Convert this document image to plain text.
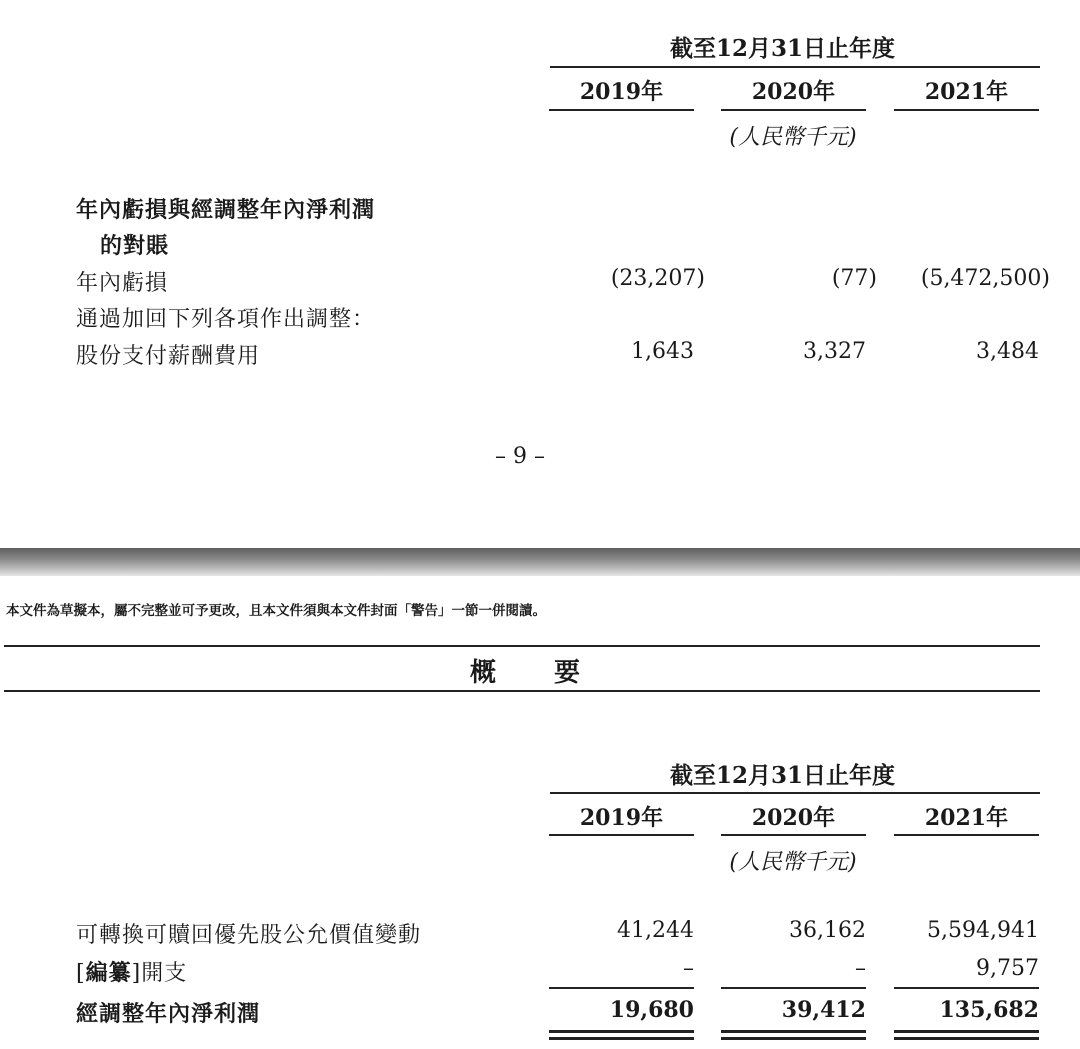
截至12月31日止年度
2019年	2020年	2021年
(人民幣千元)
年內虧損與經調整年內淨利潤
的對賬
年內虧損	(23,207)	(77)	(5,472,500)
通過加回下列各項作出調整：
股份支付薪酬費用	1,643	3,327	3,484
– 9 –
本文件為草擬本，屬不完整並可予更改，且本文件須與本文件封面「警告」一節一併閱讀。
概　　要
截至12月31日止年度
2019年	2020年	2021年
(人民幣千元)
可轉換可贖回優先股公允價值變動	41,244	36,162	5,594,941
[編纂]開支	–	–	9,757
經調整年內淨利潤	19,680	39,412	135,682
